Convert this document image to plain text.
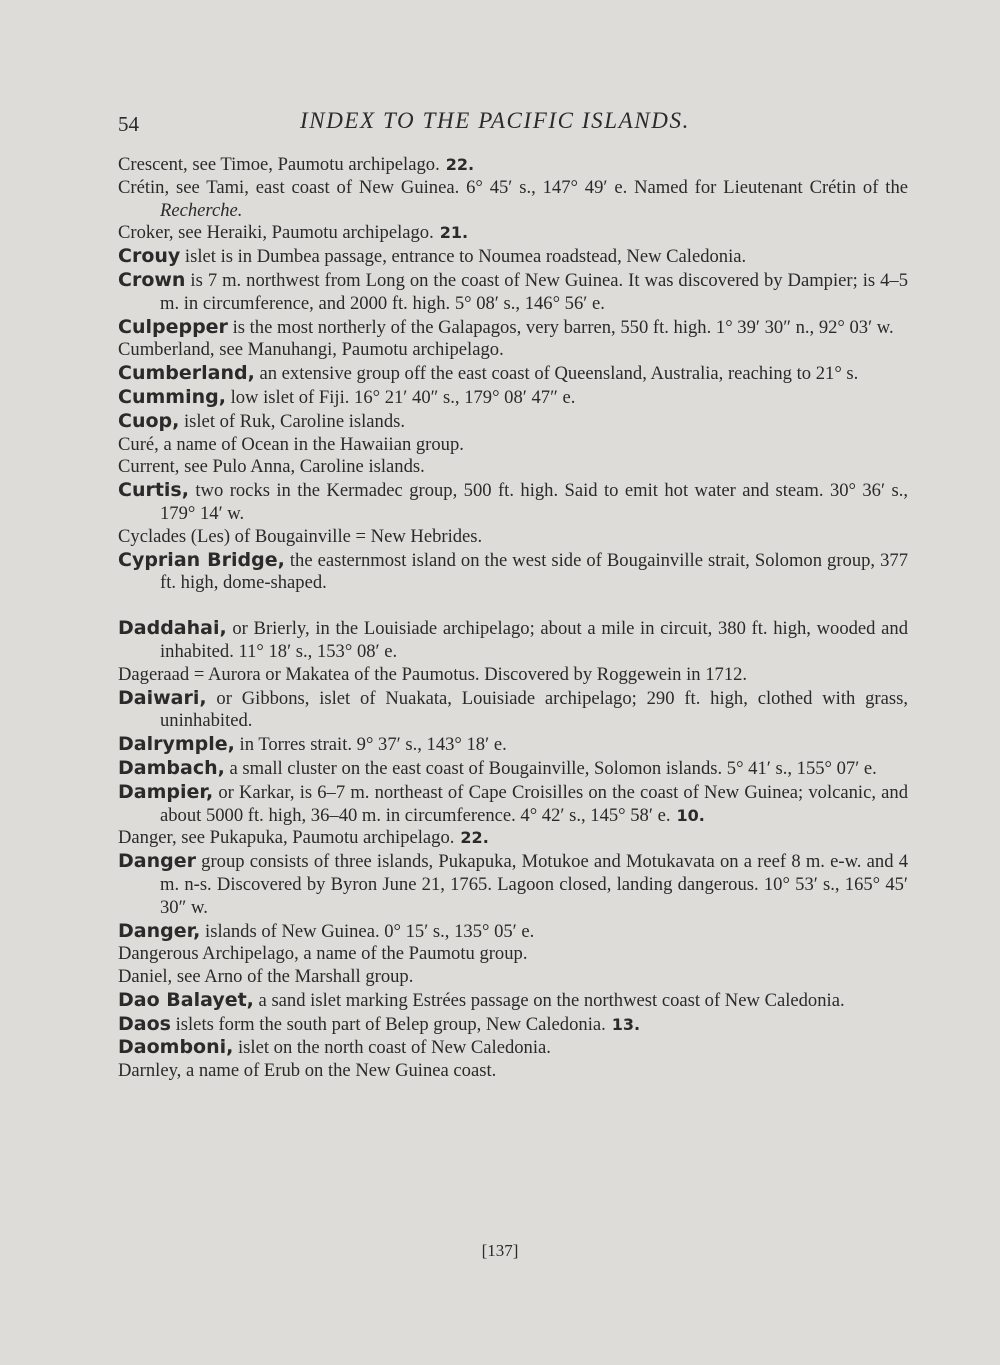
54	INDEX TO THE PACIFIC ISLANDS.
Crescent, see Timoe, Paumotu archipelago. 22.
Crétin, see Tami, east coast of New Guinea. 6° 45′ s., 147° 49′ e. Named for Lieutenant Crétin of the Recherche.
Croker, see Heraiki, Paumotu archipelago. 21.
Crouy islet is in Dumbea passage, entrance to Noumea roadstead, New Caledonia.
Crown is 7 m. northwest from Long on the coast of New Guinea. It was discovered by Dampier; is 4–5 m. in circumference, and 2000 ft. high. 5° 08′ s., 146° 56′ e.
Culpepper is the most northerly of the Galapagos, very barren, 550 ft. high. 1° 39′ 30″ n., 92° 03′ w.
Cumberland, see Manuhangi, Paumotu archipelago.
Cumberland, an extensive group off the east coast of Queensland, Australia, reaching to 21° s.
Cumming, low islet of Fiji. 16° 21′ 40″ s., 179° 08′ 47″ e.
Cuop, islet of Ruk, Caroline islands.
Curé, a name of Ocean in the Hawaiian group.
Current, see Pulo Anna, Caroline islands.
Curtis, two rocks in the Kermadec group, 500 ft. high. Said to emit hot water and steam. 30° 36′ s., 179° 14′ w.
Cyclades (Les) of Bougainville = New Hebrides.
Cyprian Bridge, the easternmost island on the west side of Bougainville strait, Solomon group, 377 ft. high, dome-shaped.
Daddahai, or Brierly, in the Louisiade archipelago; about a mile in circuit, 380 ft. high, wooded and inhabited. 11° 18′ s., 153° 08′ e.
Dageraad = Aurora or Makatea of the Paumotus. Discovered by Roggewein in 1712.
Daiwari, or Gibbons, islet of Nuakata, Louisiade archipelago; 290 ft. high, clothed with grass, uninhabited.
Dalrymple, in Torres strait. 9° 37′ s., 143° 18′ e.
Dambach, a small cluster on the east coast of Bougainville, Solomon islands. 5° 41′ s., 155° 07′ e.
Dampier, or Karkar, is 6–7 m. northeast of Cape Croisilles on the coast of New Guinea; volcanic, and about 5000 ft. high, 36–40 m. in circumference. 4° 42′ s., 145° 58′ e. 10.
Danger, see Pukapuka, Paumotu archipelago. 22.
Danger group consists of three islands, Pukapuka, Motukoe and Motukavata on a reef 8 m. e-w. and 4 m. n-s. Discovered by Byron June 21, 1765. Lagoon closed, landing dangerous. 10° 53′ s., 165° 45′ 30″ w.
Danger, islands of New Guinea. 0° 15′ s., 135° 05′ e.
Dangerous Archipelago, a name of the Paumotu group.
Daniel, see Arno of the Marshall group.
Dao Balayet, a sand islet marking Estrées passage on the northwest coast of New Caledonia.
Daos islets form the south part of Belep group, New Caledonia. 13.
Daomboni, islet on the north coast of New Caledonia.
Darnley, a name of Erub on the New Guinea coast.
[137]
